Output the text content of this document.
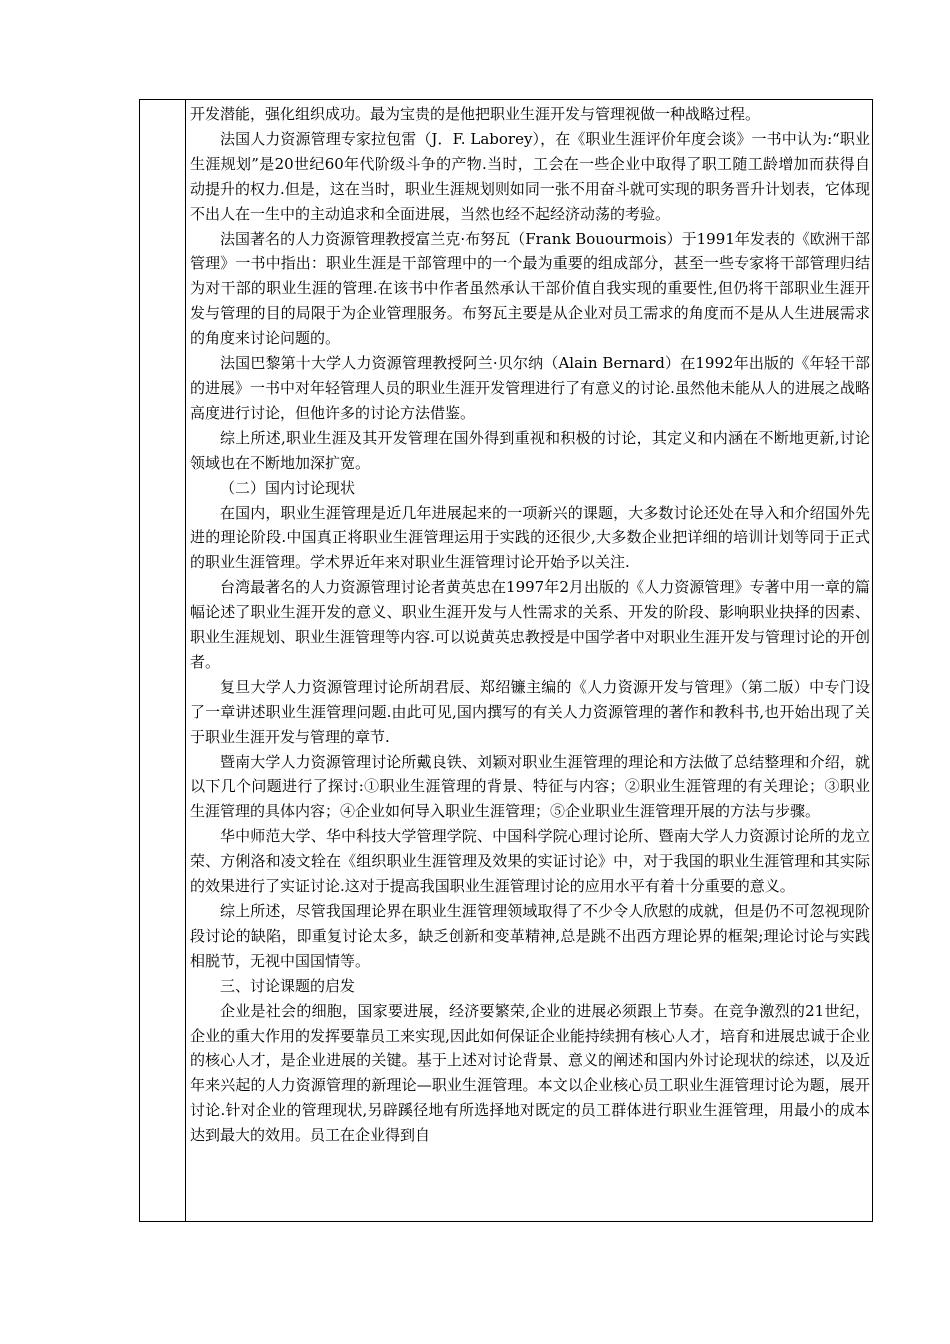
开发潜能，强化组织成功。最为宝贵的是他把职业生涯开发与管理视做一种战略过程。

法国人力资源管理专家拉包雷（J．F. Laborey），在《职业生涯评价年度会谈》一书中认为:“职业生涯规划”是20世纪60年代阶级斗争的产物.当时，工会在一些企业中取得了职工随工龄增加而获得自动提升的权力.但是，这在当时，职业生涯规划则如同一张不用奋斗就可实现的职务晋升计划表，它体现不出人在一生中的主动追求和全面进展，当然也经不起经济动荡的考验。

法国著名的人力资源管理教授富兰克·布努瓦（Frank Bouourmois）于1991年发表的《欧洲干部管理》一书中指出：职业生涯是干部管理中的一个最为重要的组成部分，甚至一些专家将干部管理归结为对干部的职业生涯的管理.在该书中作者虽然承认干部价值自我实现的重要性,但仍将干部职业生涯开发与管理的目的局限于为企业管理服务。布努瓦主要是从企业对员工需求的角度而不是从人生进展需求的角度来讨论问题的。

法国巴黎第十大学人力资源管理教授阿兰·贝尔纳（Alain Bernard）在1992年出版的《年轻干部的进展》一书中对年轻管理人员的职业生涯开发管理进行了有意义的讨论.虽然他未能从人的进展之战略高度进行讨论，但他许多的讨论方法借鉴。

综上所述,职业生涯及其开发管理在国外得到重视和积极的讨论，其定义和内涵在不断地更新,讨论领域也在不断地加深扩宽。

（二）国内讨论现状

在国内，职业生涯管理是近几年进展起来的一项新兴的课题，大多数讨论还处在导入和介绍国外先进的理论阶段.中国真正将职业生涯管理运用于实践的还很少,大多数企业把详细的培训计划等同于正式的职业生涯管理。学术界近年来对职业生涯管理讨论开始予以关注.

台湾最著名的人力资源管理讨论者黄英忠在1997年2月出版的《人力资源管理》专著中用一章的篇幅论述了职业生涯开发的意义、职业生涯开发与人性需求的关系、开发的阶段、影响职业抉择的因素、职业生涯规划、职业生涯管理等内容.可以说黄英忠教授是中国学者中对职业生涯开发与管理讨论的开创者。

复旦大学人力资源管理讨论所胡君辰、郑绍镰主编的《人力资源开发与管理》（第二版）中专门设了一章讲述职业生涯管理问题.由此可见,国内撰写的有关人力资源管理的著作和教科书,也开始出现了关于职业生涯开发与管理的章节.

暨南大学人力资源管理讨论所戴良铁、刘颖对职业生涯管理的理论和方法做了总结整理和介绍，就以下几个问题进行了探讨:①职业生涯管理的背景、特征与内容；②职业生涯管理的有关理论；③职业生涯管理的具体内容；④企业如何导入职业生涯管理；⑤企业职业生涯管理开展的方法与步骤。

华中师范大学、华中科技大学管理学院、中国科学院心理讨论所、暨南大学人力资源讨论所的龙立荣、方俐洛和凌文辁在《组织职业生涯管理及效果的实证讨论》中，对于我国的职业生涯管理和其实际的效果进行了实证讨论.这对于提高我国职业生涯管理讨论的应用水平有着十分重要的意义。

综上所述，尽管我国理论界在职业生涯管理领域取得了不少令人欣慰的成就，但是仍不可忽视现阶段讨论的缺陷，即重复讨论太多，缺乏创新和变革精神,总是跳不出西方理论界的框架;理论讨论与实践相脱节，无视中国国情等。

三、讨论课题的启发

企业是社会的细胞，国家要进展，经济要繁荣,企业的进展必须跟上节奏。在竞争激烈的21世纪，企业的重大作用的发挥要靠员工来实现,因此如何保证企业能持续拥有核心人才，培育和进展忠诚于企业的核心人才，是企业进展的关键。基于上述对讨论背景、意义的阐述和国内外讨论现状的综述，以及近年来兴起的人力资源管理的新理论—职业生涯管理。本文以企业核心员工职业生涯管理讨论为题，展开讨论.针对企业的管理现状,另辟蹊径地有所选择地对既定的员工群体进行职业生涯管理，用最小的成本达到最大的效用。员工在企业得到自
